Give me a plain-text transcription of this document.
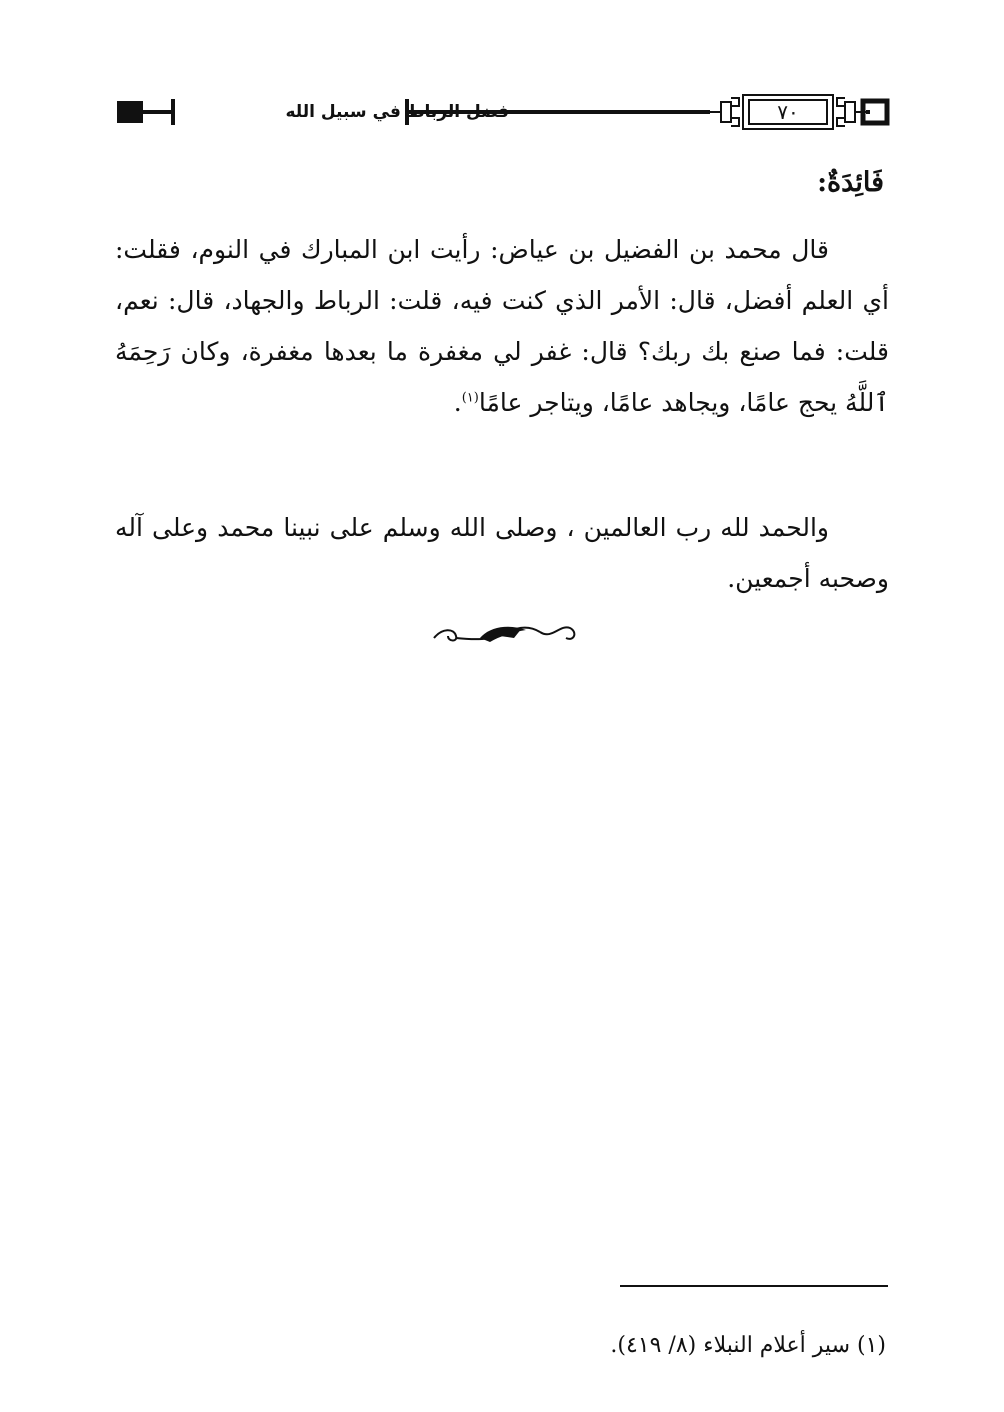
فضل الرباط في سبيل الله	٧٠
فَائِدَةٌ:

قال محمد بن الفضيل بن عياض: رأيت ابن المبارك في النوم، فقلت: أي العلم أفضل، قال: الأمر الذي كنت فيه، قلت: الرباط والجهاد، قال: نعم، قلت: فما صنع بك ربك؟ قال: غفر لي مغفرة ما بعدها مغفرة، وكان رَحِمَهُ ٱللَّهُ يحج عامًا، ويجاهد عامًا، ويتاجر عامًا$^{(١)}$.

والحمد لله رب العالمين ، وصلى الله وسلم على نبينا محمد وعلى آله وصحبه أجمعين.

(١) سير أعلام النبلاء (٨/ ٤١٩).
